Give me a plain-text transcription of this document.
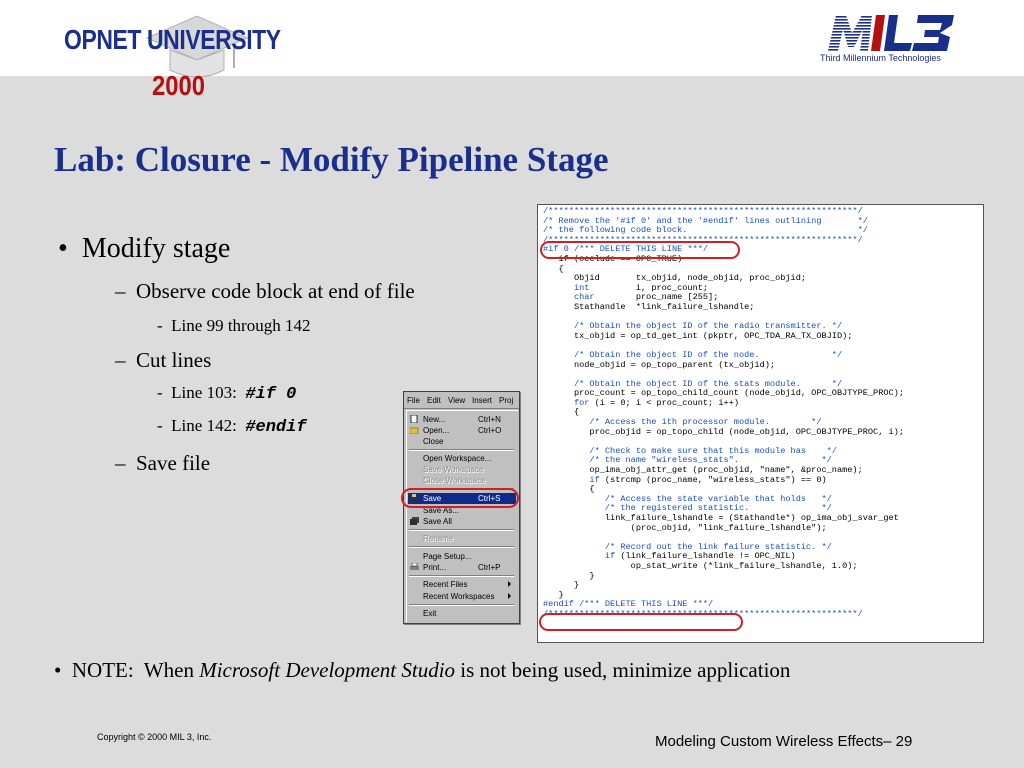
OPNET UNIVERSITY
2000
Third Millennium Technologies
Lab: Closure - Modify Pipeline Stage
•  Modify stage
–  Observe code block at end of file
-  Line 99 through 142
–  Cut lines
-  Line 103:  #if 0
-  Line 142:  #endif
–  Save file
File Edit View Insert Proj
New...	Ctrl+N
Open...	Ctrl+O
Close
Open Workspace...
Save Workspace
Close Workspace
Save	Ctrl+S
Save As...
Save All
Rename
Page Setup...
Print...	Ctrl+P
Recent Files
Recent Workspaces
Exit
/************************************************************/
/* Remove the '#if 0' and the '#endif' lines outlining       */
/* the following code block.                                 */
/************************************************************/
#if 0 /*** DELETE THIS LINE ***/
if (occlude == OPC_TRUE)
{
Objid       tx_objid, node_objid, proc_objid;
int         i, proc_count;
char        proc_name [255];
Stathandle  *link_failure_lshandle;

/* Obtain the object ID of the radio transmitter. */
tx_objid = op_td_get_int (pkptr, OPC_TDA_RA_TX_OBJID);

/* Obtain the object ID of the node.              */
node_objid = op_topo_parent (tx_objid);

/* Obtain the object ID of the stats module.      */
proc_count = op_topo_child_count (node_objid, OPC_OBJTYPE_PROC);
for (i = 0; i < proc_count; i++)
{
/* Access the ith processor module.        */
proc_objid = op_topo_child (node_objid, OPC_OBJTYPE_PROC, i);

/* Check to make sure that this module has    */
/* the name "wireless_stats".                */
op_ima_obj_attr_get (proc_objid, "name", &proc_name);
if (strcmp (proc_name, "wireless_stats") == 0)
{
/* Access the state variable that holds   */
/* the registered statistic.              */
link_failure_lshandle = (Stathandle*) op_ima_obj_svar_get
(proc_objid, "link_failure_lshandle");

/* Record out the link failure statistic. */
if (link_failure_lshandle != OPC_NIL)
op_stat_write (*link_failure_lshandle, 1.0);
}
}
}
#endif /*** DELETE THIS LINE ***/
/************************************************************/
•  NOTE:  When Microsoft Development Studio is not being used, minimize application
Copyright © 2000 MIL 3, Inc.	Modeling Custom Wireless Effects– 29
